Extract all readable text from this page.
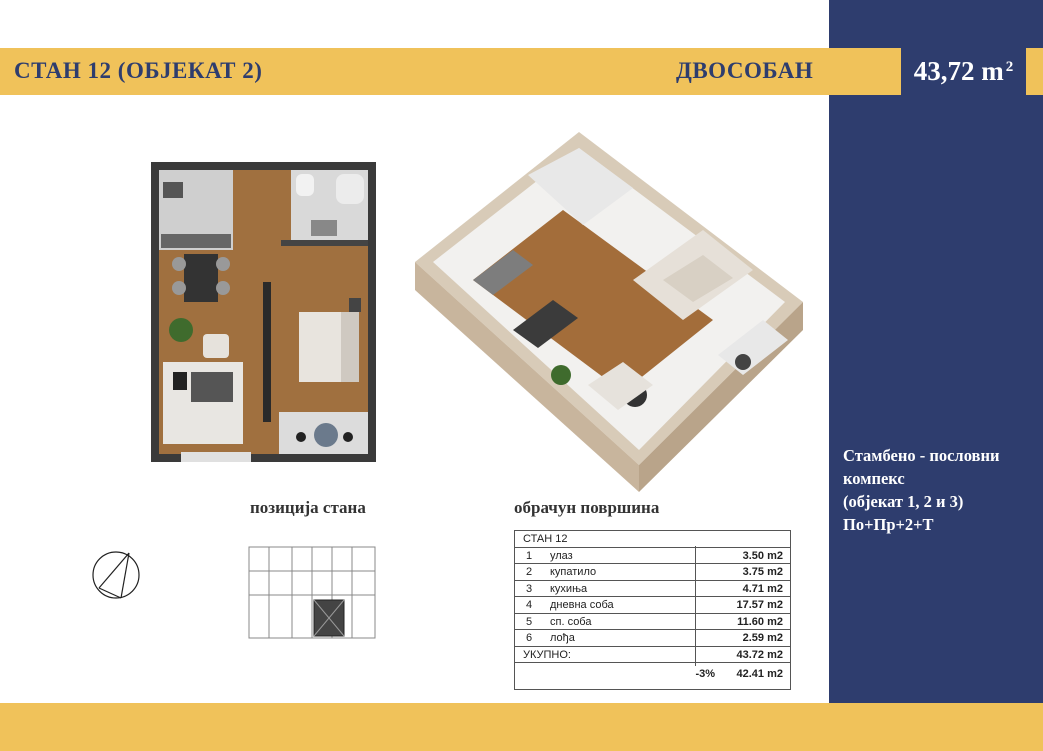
СТАН 12 (ОБЈЕКАТ 2)	ДВОСОБАН	43,72 $m^2$
позиција стана	обрачун површина
СТАН 12
1 улаз	3.50 m2
2 купатило	3.75 m2
3 кухиња	4.71 m2
4 дневна соба	17.57 m2
5 сп. соба	11.60 m2
6 лођа	2.59 m2
УКУПНО:	43.72 m2
-3%	42.41 m2
Стамбено - пословни
компекс
(објекат 1, 2 и 3)
По+Пр+2+Т
